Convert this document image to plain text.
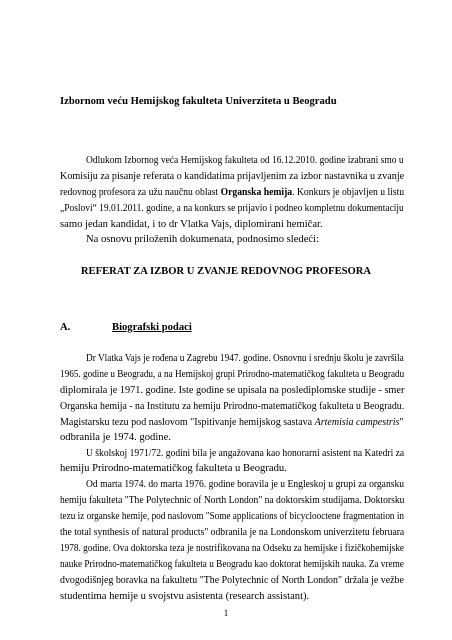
Izbornom veću Hemijskog fakulteta Univerziteta u Beogradu
Odlukom Izbornog veća Hemijskog fakulteta od 16.12.2010. godine izabrani smo u
Komisiju za pisanje referata o kandidatima prijavljenim za izbor nastavnika u zvanje
redovnog profesora za užu naučnu oblast Organska hemija. Konkurs je objavljen u listu
„Poslovi“ 19.01.2011. godine, a na konkurs se prijavio i podneo kompletnu dokumentaciju
samo jedan kandidat, i to dr Vlatka Vajs, diplomirani hemičar.
Na osnovu priloženih dokumenata, podnosimo sledeći:
REFERAT ZA IZBOR U ZVANJE REDOVNOG PROFESORA
A.	Biografski podaci
Dr Vlatka Vajs je rođena u Zagrebu 1947. godine. Osnovnu i srednju školu je završila
1965. godine u Beogradu, a na Hemijskoj grupi Prirodno-matematičkog fakulteta u Beogradu
diplomirala je 1971. godine. Iste godine se upisala na poslediplomske studije - smer
Organska hemija - na Institutu za hemiju Prirodno-matematičkog fakulteta u Beogradu.
Magistarsku tezu pod naslovom "Ispitivanje hemijskog sastava Artemisia campestris"
odbranila je 1974. godine.
U školskoj 1971/72. godini bila je angažovana kao honorarni asistent na Katedri za
hemiju Prirodno-matematičkog fakulteta u Beogradu.
Od marta 1974. do marta 1976. godine boravila je u Engleskoj u grupi za organsku
hemiju fakulteta "The Polytechnic of North London" na doktorskim studijama. Doktorsku
tezu iz organske hemije, pod naslovom "Some applications of bicyclooctene fragmentation in
the total synthesis of natural products" odbranila je na Londonskom univerzitetu februara
1978. godine. Ova doktorska teza je nostrifikovana na Odseku za hemijske i fizičkohemijske
nauke Prirodno-matematičkog fakulteta u Beogradu kao doktorat hemijskih nauka. Za vreme
dvogodišnjeg boravka na fakultetu "The Polytechnic of North London" držala je vežbe
studentima hemije u svojstvu asistenta (research assistant).
1
